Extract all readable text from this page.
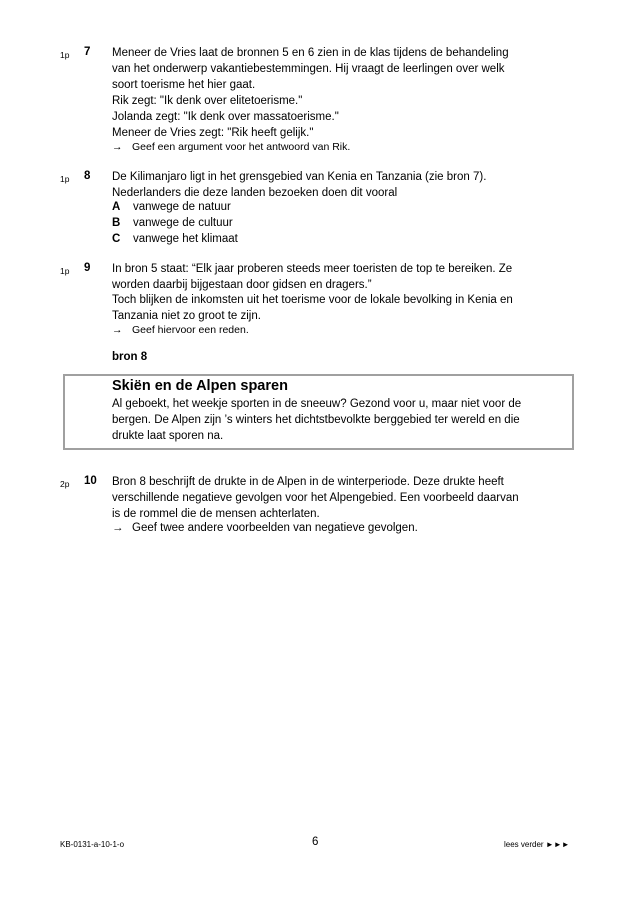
1p 7	Meneer de Vries laat de bronnen 5 en 6 zien in de klas tijdens de behandeling
van het onderwerp vakantiebestemmingen. Hij vraagt de leerlingen over welk
soort toerisme het hier gaat.
Rik zegt: "Ik denk over elitetoerisme."
Jolanda zegt: "Ik denk over massatoerisme."
Meneer de Vries zegt: "Rik heeft gelijk."
→ Geef een argument voor het antwoord van Rik.
1p 8	De Kilimanjaro ligt in het grensgebied van Kenia en Tanzania (zie bron 7).
Nederlanders die deze landen bezoeken doen dit vooral
A vanwege de natuur
B vanwege de cultuur
C vanwege het klimaat
1p 9	In bron 5 staat: “Elk jaar proberen steeds meer toeristen de top te bereiken. Ze
worden daarbij bijgestaan door gidsen en dragers.”
Toch blijken de inkomsten uit het toerisme voor de lokale bevolking in Kenia en
Tanzania niet zo groot te zijn.
→ Geef hiervoor een reden.
bron 8
Skiën en de Alpen sparen
Al geboekt, het weekje sporten in de sneeuw? Gezond voor u, maar niet voor de
bergen. De Alpen zijn ’s winters het dichtstbevolkte berggebied ter wereld en die
drukte laat sporen na.
2p 10 Bron 8 beschrijft de drukte in de Alpen in de winterperiode. Deze drukte heeft
verschillende negatieve gevolgen voor het Alpengebied. Een voorbeeld daarvan
is de rommel die de mensen achterlaten.
→ Geef twee andere voorbeelden van negatieve gevolgen.
KB-0131-a-10-1-o	6	lees verder ►►►
